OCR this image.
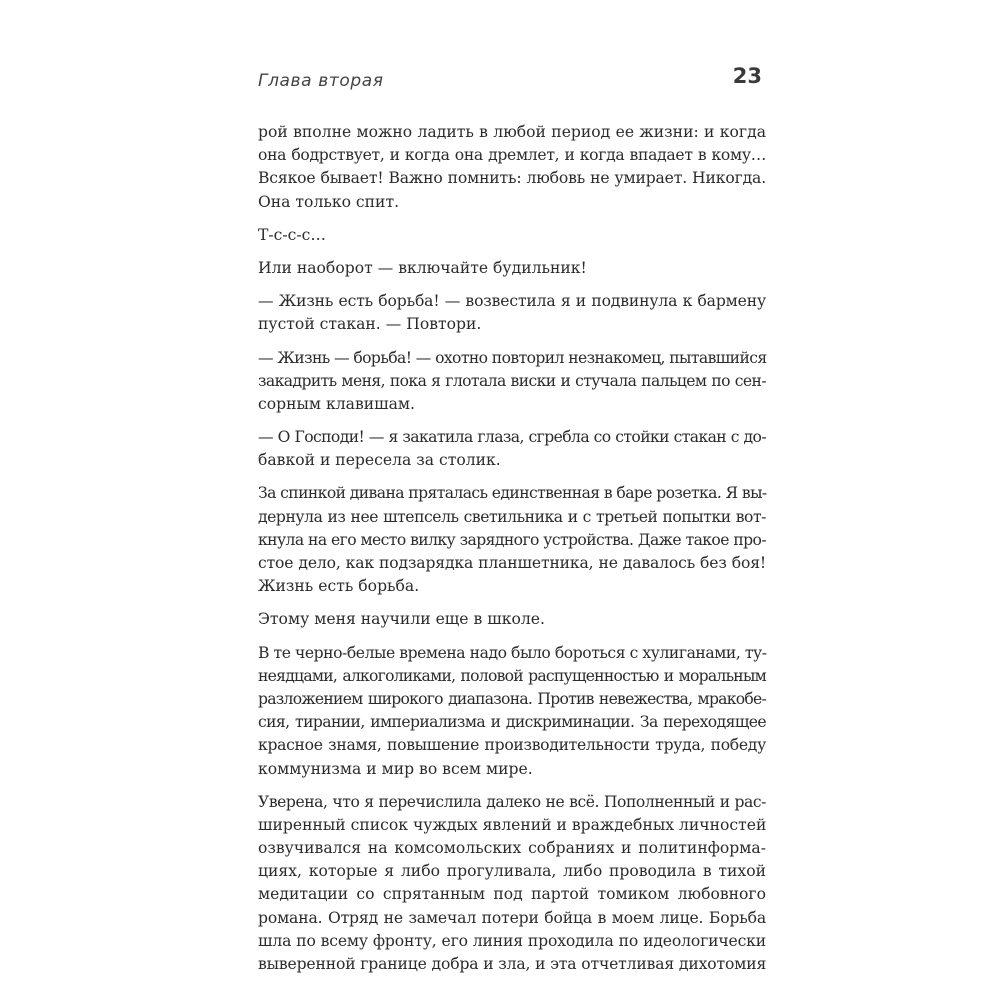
Глава вторая	23
рой вполне можно ладить в любой период ее жизни: и когда
она бодрствует, и когда она дремлет, и когда впадает в кому…
Всякое бывает! Важно помнить: любовь не умирает. Никогда.
Она только спит.
Т-с-с-с…
Или наоборот — включайте будильник!
— Жизнь есть борьба! — возвестила я и подвинула к бармену
пустой стакан. — Повтори.
— Жизнь — борьба! — охотно повторил незнакомец, пытавшийся
закадрить меня, пока я глотала виски и стучала пальцем по сен-
сорным клавишам.
— О Господи! — я закатила глаза, сгребла со стойки стакан с до-
бавкой и пересела за столик.
За спинкой дивана пряталась единственная в баре розетка. Я вы-
дернула из нее штепсель светильника и с третьей попытки вот-
кнула на его место вилку зарядного устройства. Даже такое про-
стое дело, как подзарядка планшетника, не давалось без боя!
Жизнь есть борьба.
Этому меня научили еще в школе.
В те черно-белые времена надо было бороться с хулиганами, ту-
неядцами, алкоголиками, половой распущенностью и моральным
разложением широкого диапазона. Против невежества, мракобе-
сия, тирании, империализма и дискриминации. За переходящее
красное знамя, повышение производительности труда, победу
коммунизма и мир во всем мире.
Уверена, что я перечислила далеко не всё. Пополненный и рас-
ширенный список чуждых явлений и враждебных личностей
озвучивался на комсомольских собраниях и политинформа-
циях, которые я либо прогуливала, либо проводила в тихой
медитации со спрятанным под партой томиком любовного
романа. Отряд не замечал потери бойца в моем лице. Борьба
шла по всему фронту, его линия проходила по идеологически
выверенной границе добра и зла, и эта отчетливая дихотомия
